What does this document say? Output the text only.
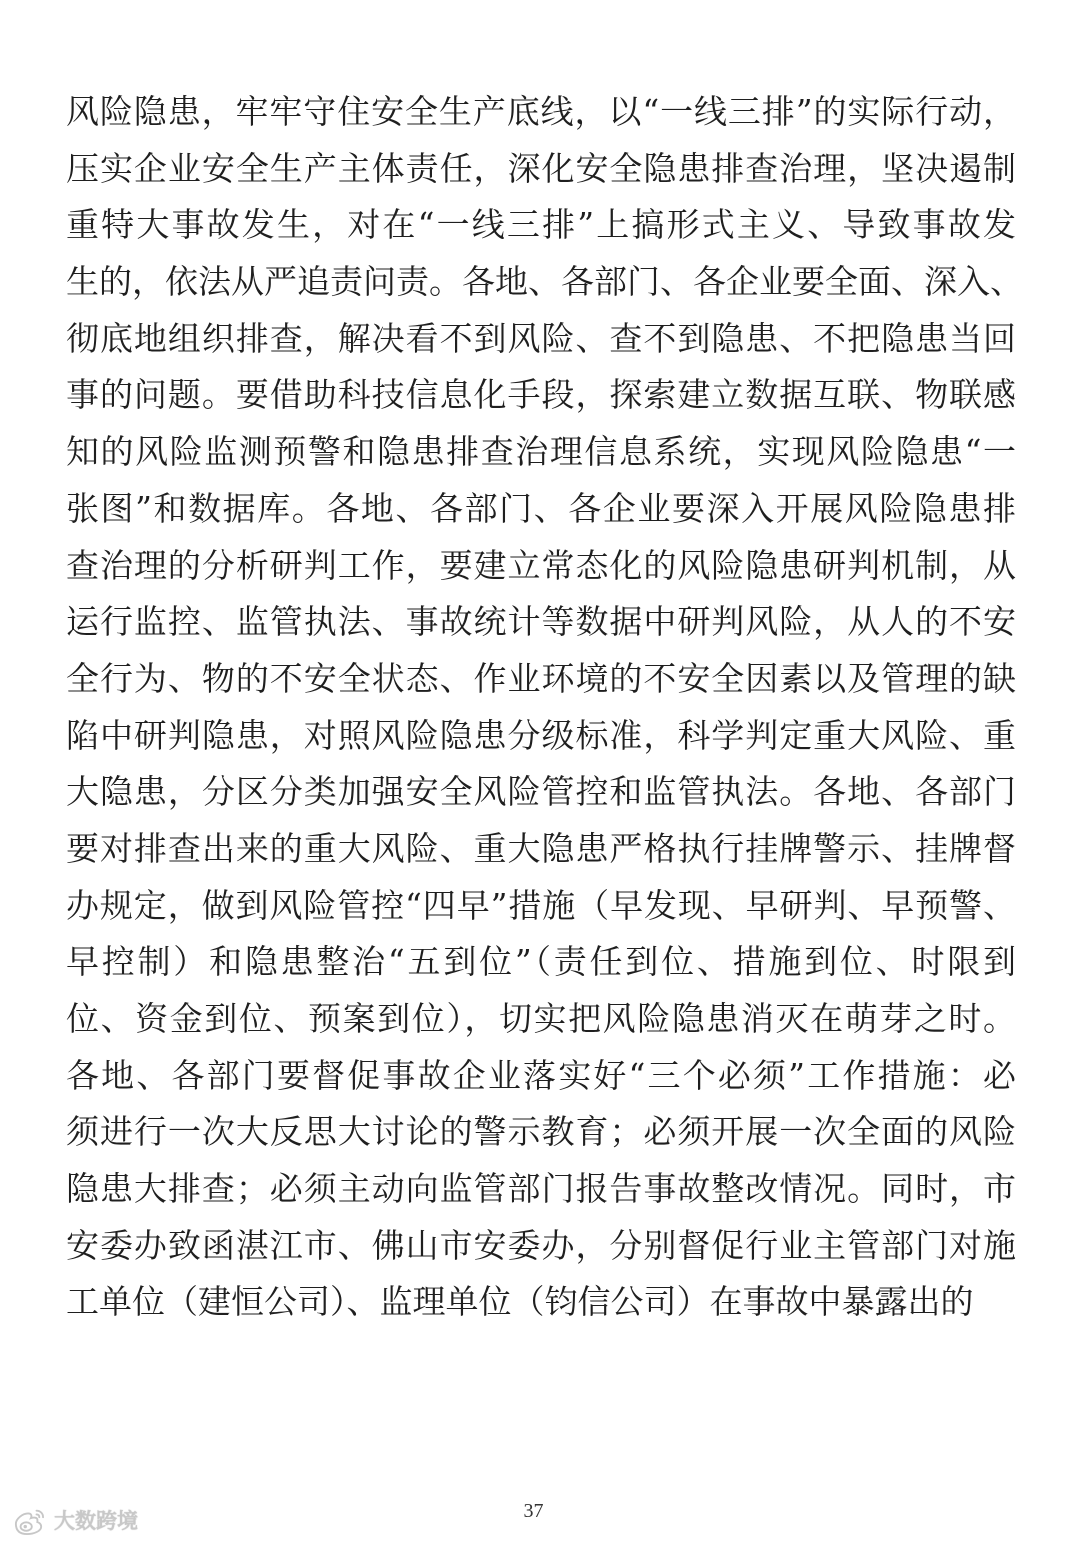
风险隐患，牢牢守住安全生产底线，以“一线三排”的实际行动，
压实企业安全生产主体责任，深化安全隐患排查治理，坚决遏制
重特大事故发生，对在“一线三排”上搞形式主义、导致事故发
生的，依法从严追责问责。各地、各部门、各企业要全面、深入、
彻底地组织排查，解决看不到风险、查不到隐患、不把隐患当回
事的问题。要借助科技信息化手段，探索建立数据互联、物联感
知的风险监测预警和隐患排查治理信息系统，实现风险隐患“一
张图”和数据库。各地、各部门、各企业要深入开展风险隐患排
查治理的分析研判工作，要建立常态化的风险隐患研判机制，从
运行监控、监管执法、事故统计等数据中研判风险，从人的不安
全行为、物的不安全状态、作业环境的不安全因素以及管理的缺
陷中研判隐患，对照风险隐患分级标准，科学判定重大风险、重
大隐患，分区分类加强安全风险管控和监管执法。各地、各部门
要对排查出来的重大风险、重大隐患严格执行挂牌警示、挂牌督
办规定，做到风险管控“四早”措施（早发现、早研判、早预警、
早控制）和隐患整治“五到位”（责任到位、措施到位、时限到
位、资金到位、预案到位），切实把风险隐患消灭在萌芽之时。
各地、各部门要督促事故企业落实好“三个必须”工作措施：必
须进行一次大反思大讨论的警示教育；必须开展一次全面的风险
隐患大排查；必须主动向监管部门报告事故整改情况。同时，市
安委办致函湛江市、佛山市安委办，分别督促行业主管部门对施
工单位（建恒公司）、监理单位（钧信公司）在事故中暴露出的
37
大数跨境
